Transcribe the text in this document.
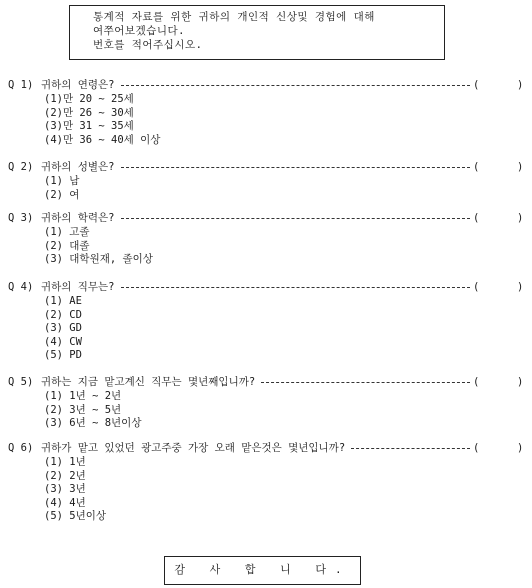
통계적 자료를 위한 귀하의 개인적 신상및 경험에 대해
여쭈어보겠습니다.
번호를 적어주십시오.
Q 1) 귀하의 연령은?	(	)
(1)만 20 ~ 25세
(2)만 26 ~ 30세
(3)만 31 ~ 35세
(4)만 36 ~ 40세 이상
Q 2) 귀하의 성별은?	(	)
(1) 남
(2) 여
Q 3) 귀하의 학력은?	(	)
(1) 고졸
(2) 대졸
(3) 대학원재, 졸이상
Q 4) 귀하의 직무는?	(	)
(1) AE
(2) CD
(3) GD
(4) CW
(5) PD
Q 5) 귀하는 지금 맡고계신 직무는 몇년째입니까?	(	)
(1) 1년 ~ 2년
(2) 3년 ~ 5년
(3) 6년 ~ 8년이상
Q 6) 귀하가 맡고 있었던 광고주중 가장 오래 맡은것은 몇년입니까?	(	)
(1) 1년
(2) 2년
(3) 3년
(4) 4년
(5) 5년이상
감 사 합 니 다.
